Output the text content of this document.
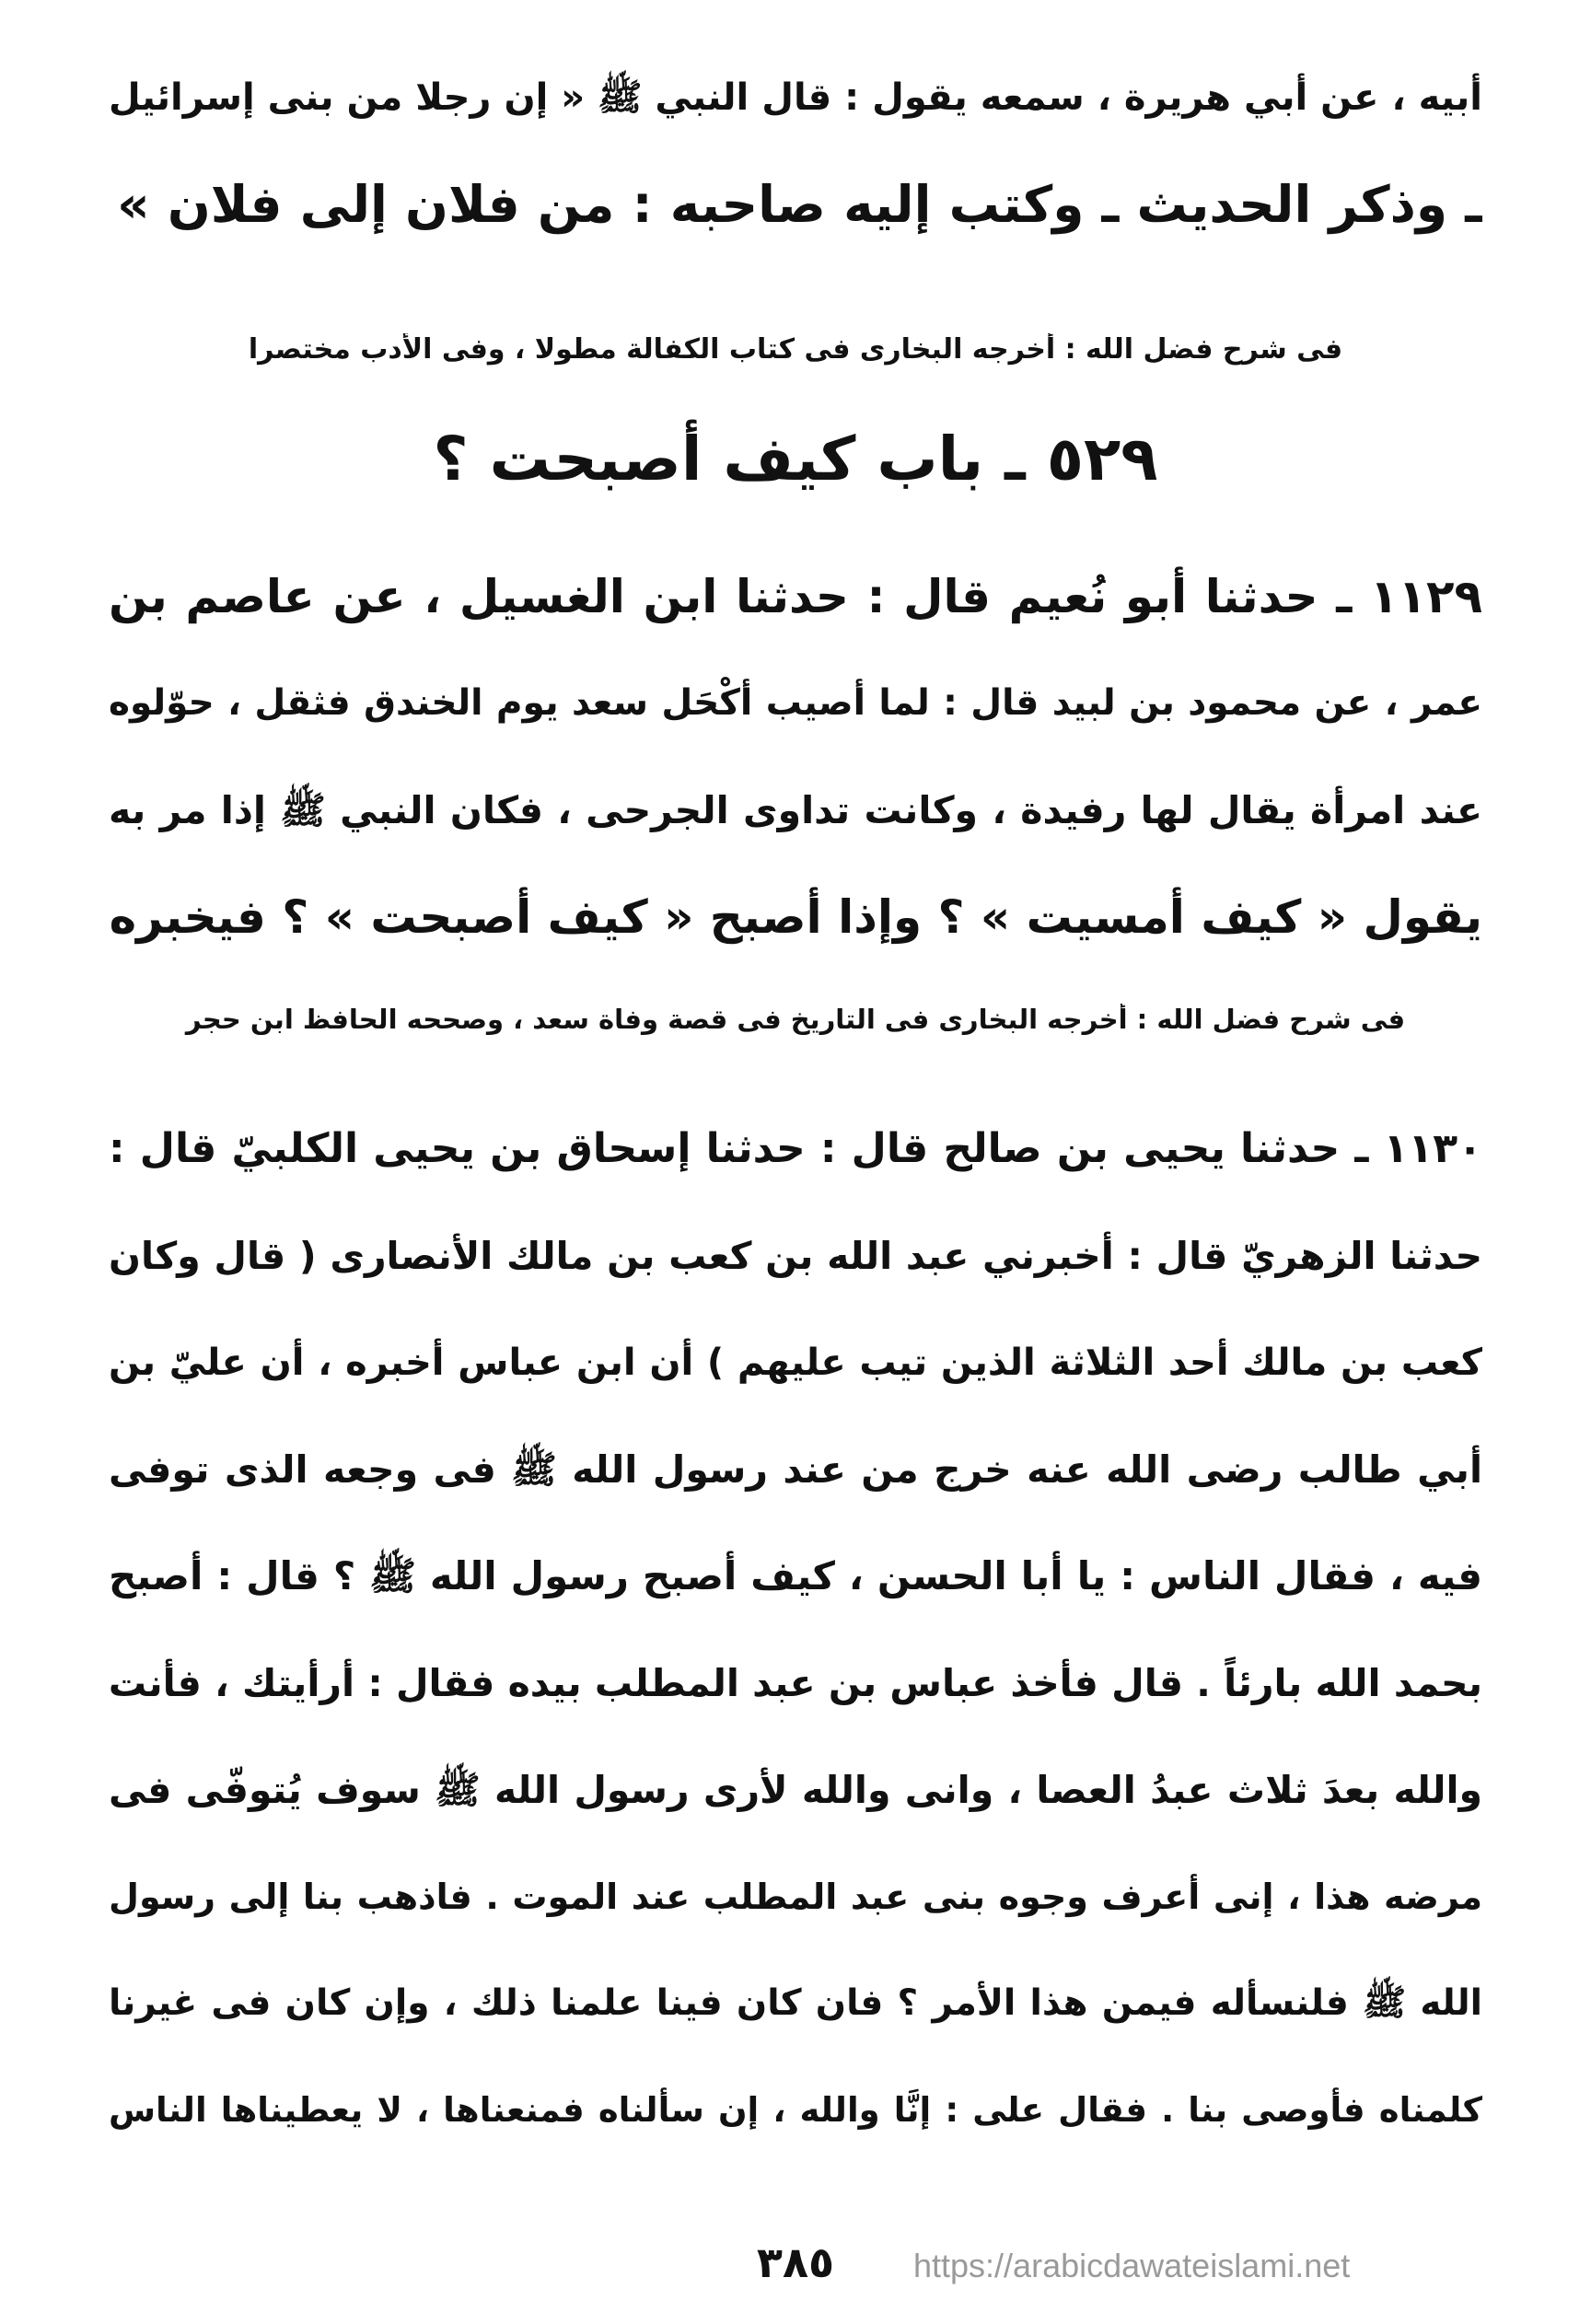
أبيه ، عن أبي هريرة ، سمعه يقول : قال النبي ﷺ « إن رجلا من بنى إسرائيل
ـ وذكر الحديث ـ وكتب إليه صاحبه : من فلان إلى فلان »
فى شرح فضل الله : أخرجه البخارى فى كتاب الكفالة مطولا ، وفى الأدب مختصرا
٥٢٩ ـ باب كيف أصبحت ؟
١١٢٩ ـ حدثنا أبو نُعيم قال : حدثنا ابن الغسيل ، عن عاصم بن
عمر ، عن محمود بن لبيد قال : لما أصيب أكْحَل سعد يوم الخندق فثقل ، حوّلوه
عند امرأة يقال لها رفيدة ، وكانت تداوى الجرحى ، فكان النبي ﷺ إذا مر به
يقول « كيف أمسيت » ؟ وإذا أصبح « كيف أصبحت » ؟ فيخبره
فى شرح فضل الله : أخرجه البخارى فى التاريخ فى قصة وفاة سعد ، وصححه الحافظ ابن حجر
١١٣٠ ـ حدثنا يحيى بن صالح قال : حدثنا إسحاق بن يحيى الكلبيّ قال :
حدثنا الزهريّ قال : أخبرني عبد الله بن كعب بن مالك الأنصارى ( قال وكان
كعب بن مالك أحد الثلاثة الذين تيب عليهم ) أن ابن عباس أخبره ، أن عليّ بن
أبي طالب رضى الله عنه خرج من عند رسول الله ﷺ فى وجعه الذى توفى
فيه ، فقال الناس : يا أبا الحسن ، كيف أصبح رسول الله ﷺ ؟ قال : أصبح
بحمد الله بارئاً . قال فأخذ عباس بن عبد المطلب بيده فقال : أرأيتك ، فأنت
والله بعدَ ثلاث عبدُ العصا ، وانى والله لأرى رسول الله ﷺ سوف يُتوفّى فى
مرضه هذا ، إنى أعرف وجوه بنى عبد المطلب عند الموت . فاذهب بنا إلى رسول
الله ﷺ فلنسأله فيمن هذا الأمر ؟ فان كان فينا علمنا ذلك ، وإن كان فى غيرنا
كلمناه فأوصى بنا . فقال على : إنَّا والله ، إن سألناه فمنعناها ، لا يعطيناها الناس
٣٨٥	https://arabicdawateislami.net
